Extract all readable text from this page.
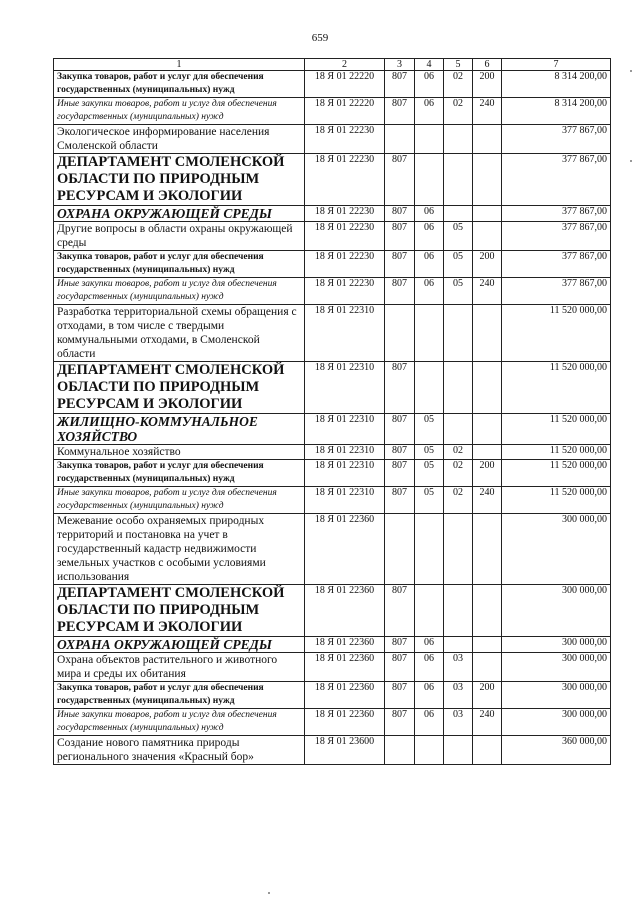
659
1	2	3	4	5	6	7
Закупка товаров, работ и услуг для обеспечения государственных (муниципальных) нужд	18 Я 01 22220	807	06	02	200	8 314 200,00
Иные закупки товаров, работ и услуг для обеспечения государственных (муниципальных) нужд	18 Я 01 22220	807	06	02	240	8 314 200,00
Экологическое информирование населения Смоленской области	18 Я 01 22230					377 867,00
ДЕПАРТАМЕНТ СМОЛЕНСКОЙ ОБЛАСТИ ПО ПРИРОДНЫМ РЕСУРСАМ И ЭКОЛОГИИ	18 Я 01 22230	807				377 867,00
ОХРАНА ОКРУЖАЮЩЕЙ СРЕДЫ	18 Я 01 22230	807	06			377 867,00
Другие вопросы в области охраны окружающей среды	18 Я 01 22230	807	06	05		377 867,00
Закупка товаров, работ и услуг для обеспечения государственных (муниципальных) нужд	18 Я 01 22230	807	06	05	200	377 867,00
Иные закупки товаров, работ и услуг для обеспечения государственных (муниципальных) нужд	18 Я 01 22230	807	06	05	240	377 867,00
Разработка территориальной схемы обращения с отходами, в том числе с твердыми коммунальными отходами, в Смоленской области	18 Я 01 22310					11 520 000,00
ДЕПАРТАМЕНТ СМОЛЕНСКОЙ ОБЛАСТИ ПО ПРИРОДНЫМ РЕСУРСАМ И ЭКОЛОГИИ	18 Я 01 22310	807				11 520 000,00
ЖИЛИЩНО-КОММУНАЛЬНОЕ ХОЗЯЙСТВО	18 Я 01 22310	807	05			11 520 000,00
Коммунальное хозяйство	18 Я 01 22310	807	05	02		11 520 000,00
Закупка товаров, работ и услуг для обеспечения государственных (муниципальных) нужд	18 Я 01 22310	807	05	02	200	11 520 000,00
Иные закупки товаров, работ и услуг для обеспечения государственных (муниципальных) нужд	18 Я 01 22310	807	05	02	240	11 520 000,00
Межевание особо охраняемых природных территорий и постановка на учет в государственный кадастр недвижимости земельных участков с особыми условиями использования	18 Я 01 22360					300 000,00
ДЕПАРТАМЕНТ СМОЛЕНСКОЙ ОБЛАСТИ ПО ПРИРОДНЫМ РЕСУРСАМ И ЭКОЛОГИИ	18 Я 01 22360	807				300 000,00
ОХРАНА ОКРУЖАЮЩЕЙ СРЕДЫ	18 Я 01 22360	807	06			300 000,00
Охрана объектов растительного и животного мира и среды их обитания	18 Я 01 22360	807	06	03		300 000,00
Закупка товаров, работ и услуг для обеспечения государственных (муниципальных) нужд	18 Я 01 22360	807	06	03	200	300 000,00
Иные закупки товаров, работ и услуг для обеспечения государственных (муниципальных) нужд	18 Я 01 22360	807	06	03	240	300 000,00
Создание нового памятника природы регионального значения «Красный бор»	18 Я 01 23600					360 000,00
